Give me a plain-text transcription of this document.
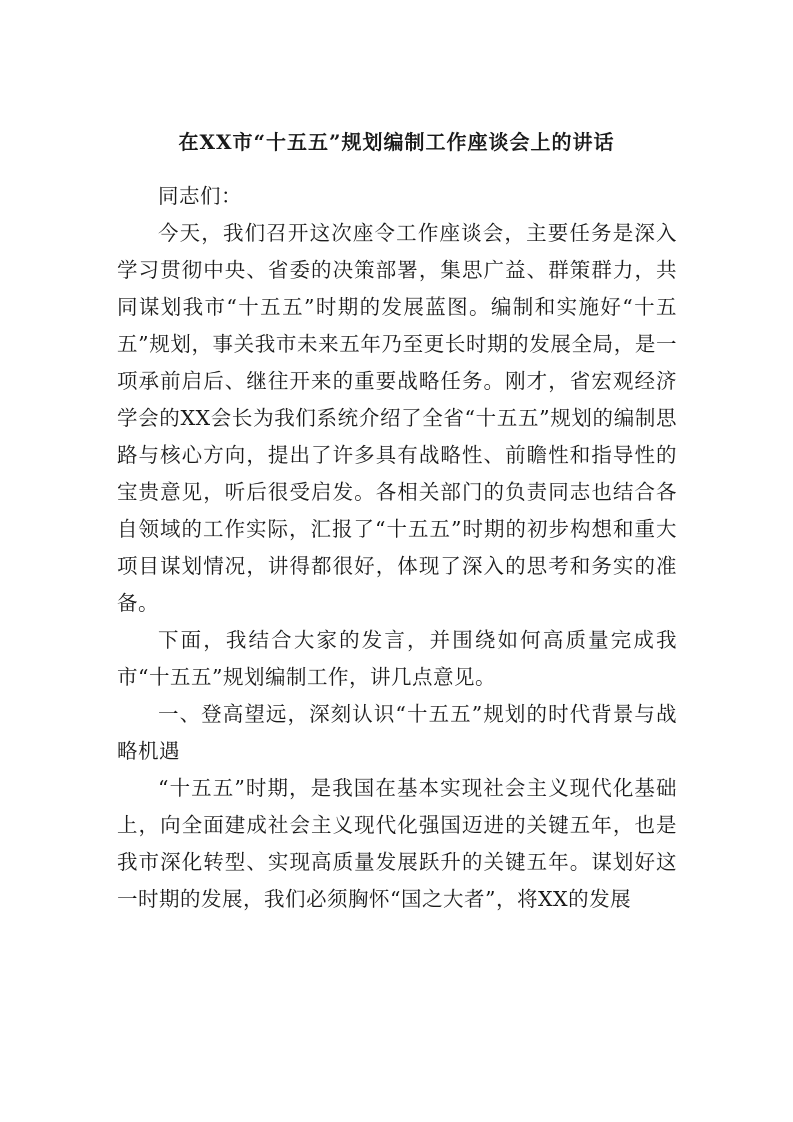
在XX市“十五五”规划编制工作座谈会上的讲话

同志们：

今天，我们召开这次座令工作座谈会，主要任务是深入学习贯彻中央、省委的决策部署，集思广益、群策群力，共同谋划我市“十五五”时期的发展蓝图。编制和实施好“十五五”规划，事关我市未来五年乃至更长时期的发展全局，是一项承前启后、继往开来的重要战略任务。刚才，省宏观经济学会的XX会长为我们系统介绍了全省“十五五”规划的编制思路与核心方向，提出了许多具有战略性、前瞻性和指导性的宝贵意见，听后很受启发。各相关部门的负责同志也结合各自领域的工作实际，汇报了“十五五”时期的初步构想和重大项目谋划情况，讲得都很好，体现了深入的思考和务实的准备。

下面，我结合大家的发言，并围绕如何高质量完成我市“十五五”规划编制工作，讲几点意见。

一、登高望远，深刻认识“十五五”规划的时代背景与战略机遇

“十五五”时期，是我国在基本实现社会主义现代化基础上，向全面建成社会主义现代化强国迈进的关键五年，也是我市深化转型、实现高质量发展跃升的关键五年。谋划好这一时期的发展，我们必须胸怀“国之大者”，将XX的发展
